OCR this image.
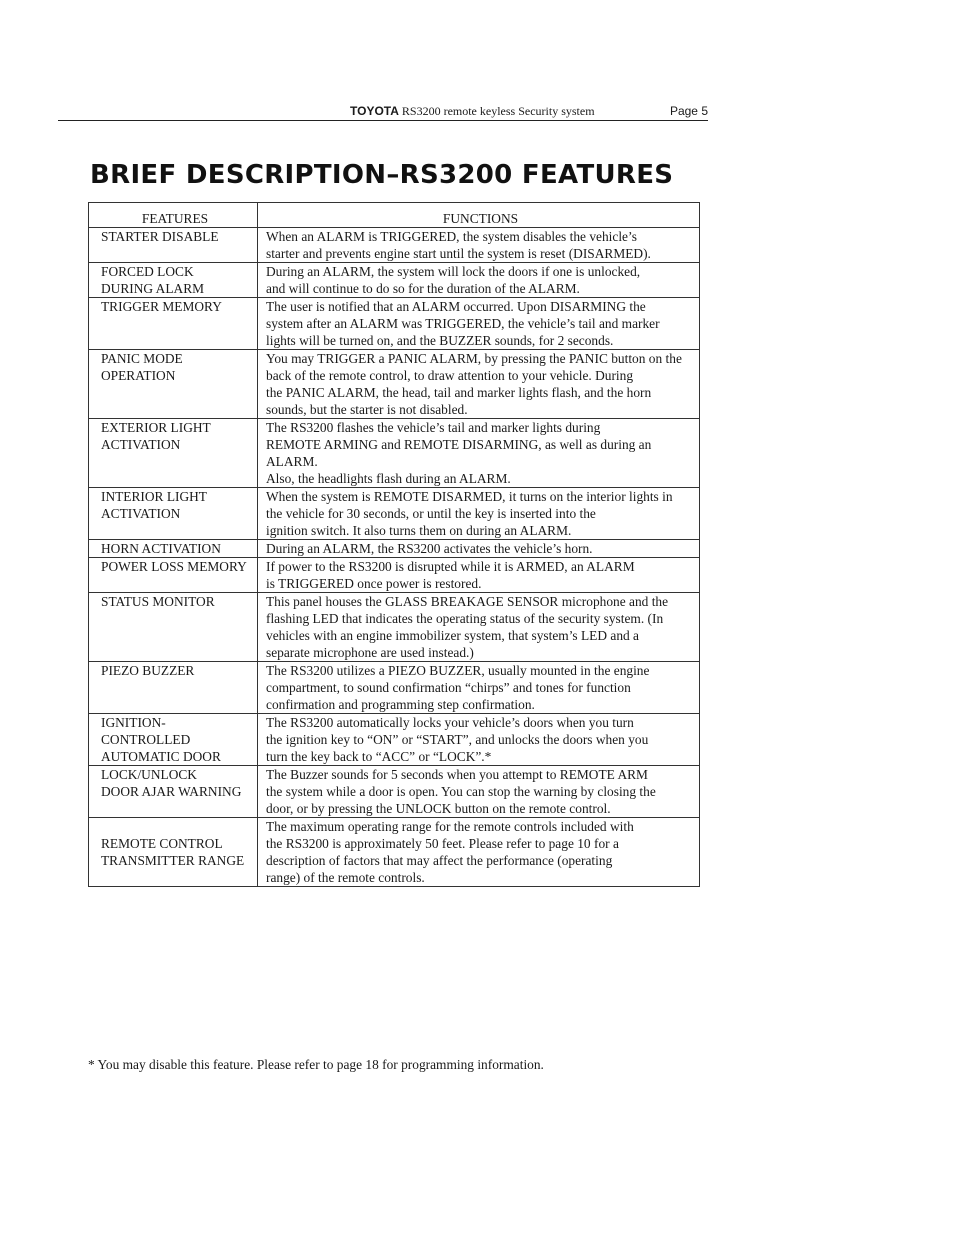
TOYOTA RS3200 remote keyless Security system	Page 5
BRIEF DESCRIPTION–RS3200 FEATURES
FEATURES	FUNCTIONS
STARTER DISABLE	When an ALARM is TRIGGERED, the system disables the vehicle’s
starter and prevents engine start until the system is reset (DISARMED).
FORCED LOCK
DURING ALARM	During an ALARM, the system will lock the doors if one is unlocked,
and will continue to do so for the duration of the ALARM.
TRIGGER MEMORY	The user is notified that an ALARM occurred. Upon DISARMING the
system after an ALARM was TRIGGERED, the vehicle’s tail and marker
lights will be turned on, and the BUZZER sounds, for 2 seconds.
PANIC MODE
OPERATION	You may TRIGGER a PANIC ALARM, by pressing the PANIC button on the
back of the remote control, to draw attention to your vehicle. During
the PANIC ALARM, the head, tail and marker lights flash, and the horn
sounds, but the starter is not disabled.
EXTERIOR LIGHT
ACTIVATION	The RS3200 flashes the vehicle’s tail and marker lights during
REMOTE ARMING and REMOTE DISARMING, as well as during an ALARM.
Also, the headlights flash during an ALARM.
INTERIOR LIGHT
ACTIVATION	When the system is REMOTE DISARMED, it turns on the interior lights in
the vehicle for 30 seconds, or until the key is inserted into the
ignition switch. It also turns them on during an ALARM.
HORN ACTIVATION	During an ALARM, the RS3200 activates the vehicle’s horn.
POWER LOSS MEMORY	If power to the RS3200 is disrupted while it is ARMED, an ALARM
is TRIGGERED once power is restored.
STATUS MONITOR	This panel houses the GLASS BREAKAGE SENSOR microphone and the
flashing LED that indicates the operating status of the security system. (In
vehicles with an engine immobilizer system, that system’s LED and a
separate microphone are used instead.)
PIEZO BUZZER	The RS3200 utilizes a PIEZO BUZZER, usually mounted in the engine
compartment, to sound confirmation “chirps” and tones for function
confirmation and programming step confirmation.
IGNITION-
CONTROLLED
AUTOMATIC DOOR	The RS3200 automatically locks your vehicle’s doors when you turn
the ignition key to “ON” or “START”, and unlocks the doors when you
turn the key back to “ACC” or “LOCK”.*
LOCK/UNLOCK
DOOR AJAR WARNING	The Buzzer sounds for 5 seconds when you attempt to REMOTE ARM
the system while a door is open. You can stop the warning by closing the
door, or by pressing the UNLOCK button on the remote control.
REMOTE CONTROL
TRANSMITTER RANGE	The maximum operating range for the remote controls included with
the RS3200 is approximately 50 feet. Please refer to page 10 for a
description of factors that may affect the performance (operating
range) of the remote controls.
* You may disable this feature. Please refer to page 18 for programming information.
